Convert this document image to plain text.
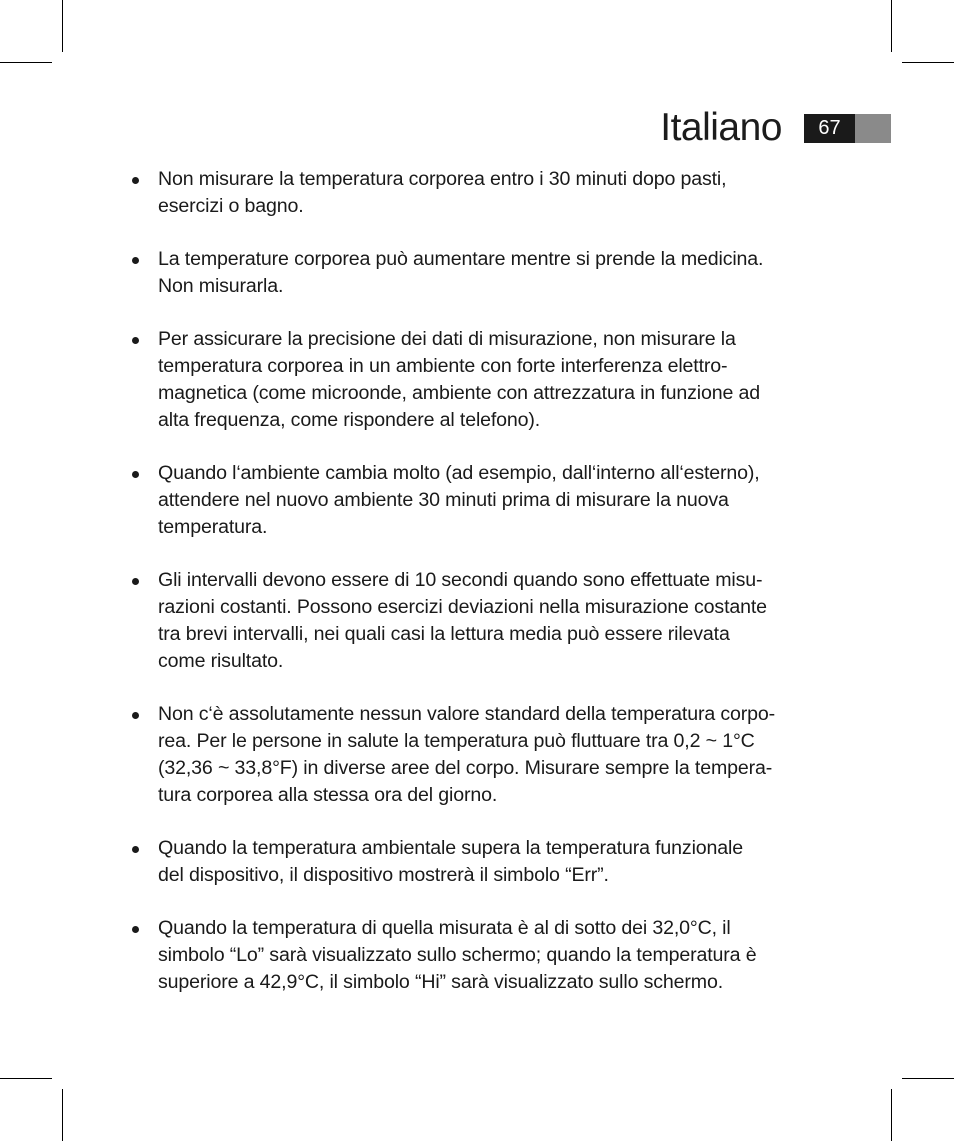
Italiano	67
Non misurare la temperatura corporea entro i 30 minuti dopo pasti,
esercizi o bagno.
La temperature corporea può aumentare mentre si prende la medicina.
Non misurarla.
Per assicurare la precisione dei dati di misurazione, non misurare la
temperatura corporea in un ambiente con forte interferenza elettro-
magnetica (come microonde, ambiente con attrezzatura in funzione ad
alta frequenza, come rispondere al telefono).
Quando l‘ambiente cambia molto (ad esempio, dall‘interno all‘esterno),
attendere nel nuovo ambiente 30 minuti prima di misurare la nuova
temperatura.
Gli intervalli devono essere di 10 secondi quando sono effettuate misu-
razioni costanti. Possono esercizi deviazioni nella misurazione costante
tra brevi intervalli, nei quali casi la lettura media può essere rilevata
come risultato.
Non c‘è assolutamente nessun valore standard della temperatura corpo-
rea. Per le persone in salute la temperatura può fluttuare tra 0,2 ~ 1°C
(32,36 ~ 33,8°F) in diverse aree del corpo. Misurare sempre la tempera-
tura corporea alla stessa ora del giorno.
Quando la temperatura ambientale supera la temperatura funzionale
del dispositivo, il dispositivo mostrerà il simbolo “Err”.
Quando la temperatura di quella misurata è al di sotto dei 32,0°C, il
simbolo “Lo” sarà visualizzato sullo schermo; quando la temperatura è
superiore a 42,9°C, il simbolo “Hi” sarà visualizzato sullo schermo.
